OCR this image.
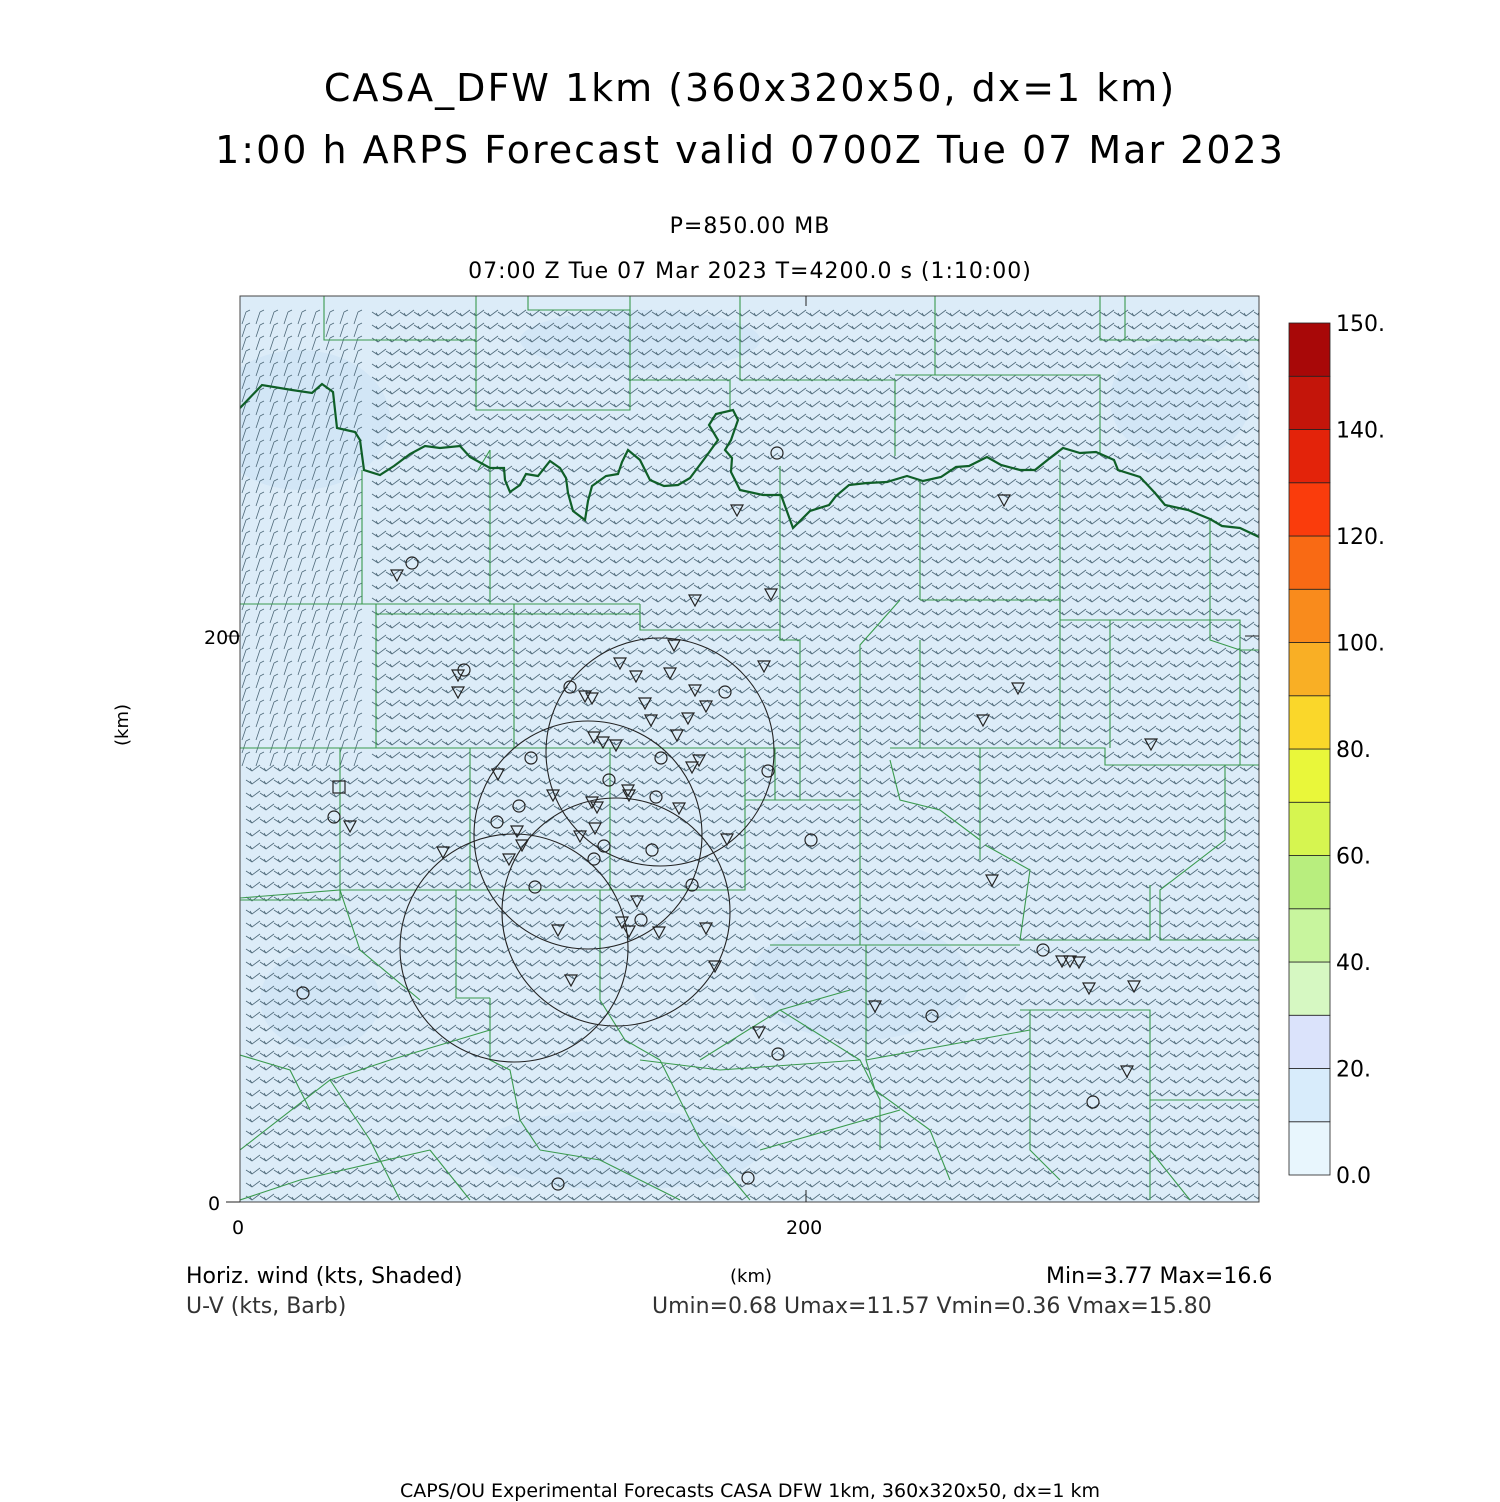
CASA_DFW 1km (360x320x50, dx=1 km)
1:00 h ARPS Forecast valid 0700Z Tue 07 Mar 2023
P=850.00 MB
07:00 Z Tue 07 Mar 2023 T=4200.0 s (1:10:00)
200
0
0	200
0.0
20.
40.
60.
80.
100.
120.
140.
150.
(km)
(km)
Horiz. wind (kts, Shaded)
U-V (kts, Barb)
Min=3.77 Max=16.6
Umin=0.68 Umax=11.57 Vmin=0.36 Vmax=15.80
CAPS/OU Experimental Forecasts CASA DFW 1km, 360x320x50, dx=1 km
